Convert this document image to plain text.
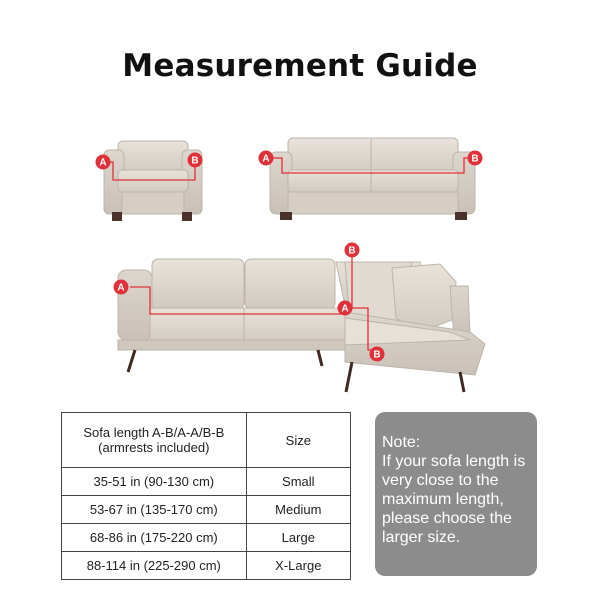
Measurement Guide
A	B	A	B
A
B
A
B
Sofa length A-B/A-A/B-B
(armrests included)	Size
35-51 in (90-130 cm)	Small
53-67 in (135-170 cm)	Medium
68-86 in (175-220 cm)	Large
88-114 in (225-290 cm)	X-Large
Note:
If your sofa length is very close to the maximum length, please choose the larger size.
